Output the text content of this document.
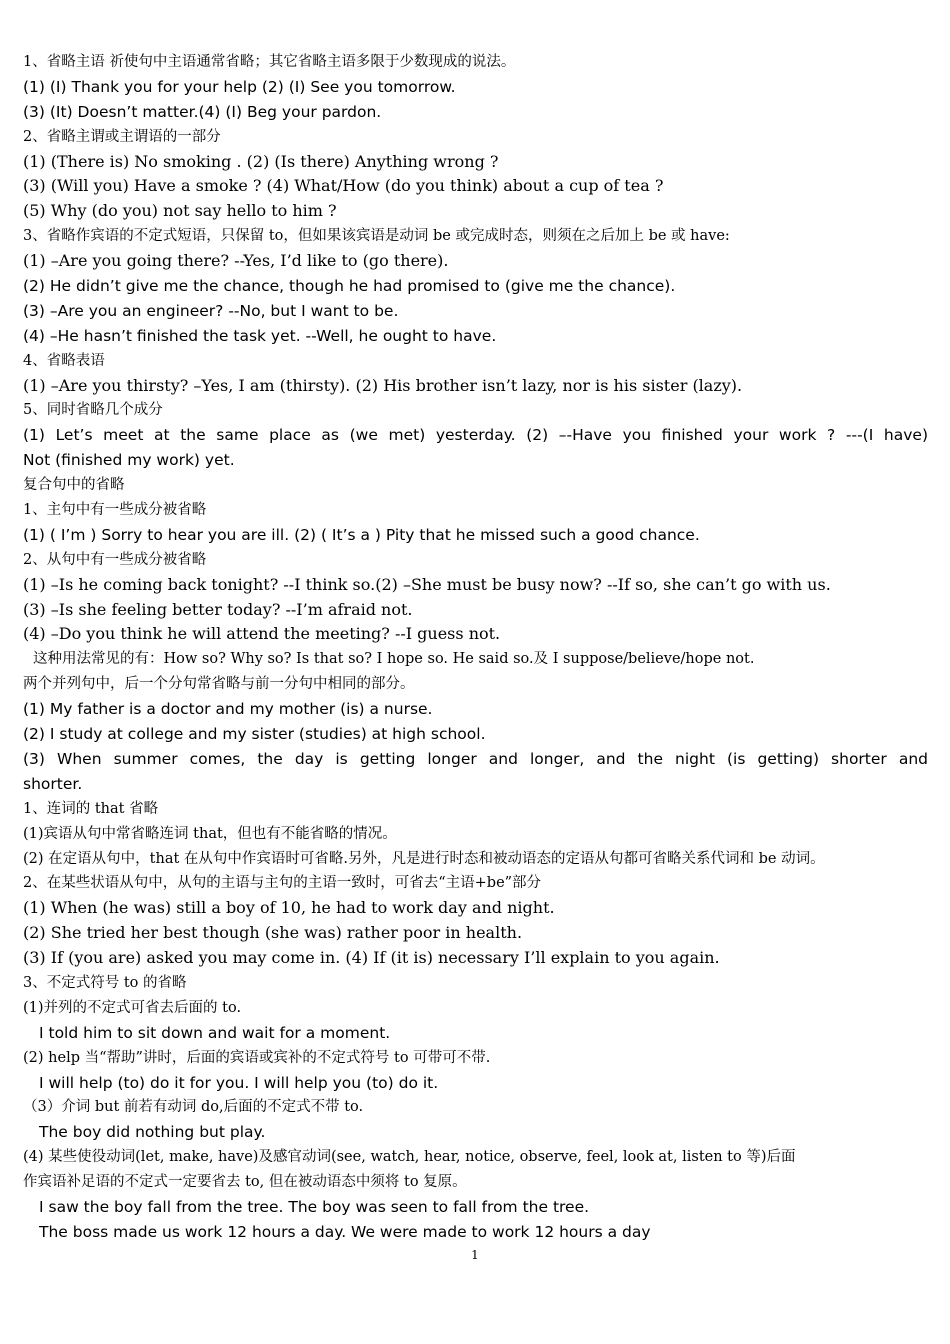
1、省略主语 祈使句中主语通常省略；其它省略主语多限于少数现成的说法。
(1) (I) Thank you for your help (2) (I) See you tomorrow.
(3) (It) Doesn’t matter.(4) (I) Beg your pardon.
2、省略主谓或主谓语的一部分
(1) (There is) No smoking . (2) (Is there) Anything wrong ?
(3) (Will you) Have a smoke ? (4) What/How (do you think) about a cup of tea ?
(5) Why (do you) not say hello to him ?
3、省略作宾语的不定式短语，只保留 to，但如果该宾语是动词 be 或完成时态，则须在之后加上 be 或 have:
(1) –Are you going there? --Yes, I’d like to (go there).
(2) He didn’t give me the chance, though he had promised to (give me the chance).
(3) –Are you an engineer? --No, but I want to be.
(4) –He hasn’t finished the task yet. --Well, he ought to have.
4、省略表语
(1) –Are you thirsty? –Yes, I am (thirsty). (2) His brother isn’t lazy, nor is his sister (lazy).
5、同时省略几个成分
(1) Let’s meet at the same place as (we met) yesterday. (2) –-Have you finished your work ? ---(I have)
Not (finished my work) yet.
复合句中的省略
1、主句中有一些成分被省略
(1) ( I’m ) Sorry to hear you are ill. (2) ( It’s a ) Pity that he missed such a good chance.
2、从句中有一些成分被省略
(1) –Is he coming back tonight? --I think so.(2) –She must be busy now? --If so, she can’t go with us.
(3) –Is she feeling better today? --I’m afraid not.
(4) –Do you think he will attend the meeting? --I guess not.
这种用法常见的有：How so? Why so? Is that so? I hope so. He said so.及 I suppose/believe/hope not.
两个并列句中，后一个分句常省略与前一分句中相同的部分。
(1) My father is a doctor and my mother (is) a nurse.
(2) I study at college and my sister (studies) at high school.
(3) When summer comes, the day is getting longer and longer, and the night (is getting) shorter and
shorter.
1、连词的 that 省略
(1)宾语从句中常省略连词 that，但也有不能省略的情况。
(2) 在定语从句中，that 在从句中作宾语时可省略.另外，凡是进行时态和被动语态的定语从句都可省略关系代词和 be 动词。
2、在某些状语从句中，从句的主语与主句的主语一致时，可省去“主语+be”部分
(1) When (he was) still a boy of 10, he had to work day and night.
(2) She tried her best though (she was) rather poor in health.
(3) If (you are) asked you may come in. (4) If (it is) necessary I’ll explain to you again.
3、不定式符号 to 的省略
(1)并列的不定式可省去后面的 to.
I told him to sit down and wait for a moment.
(2) help 当“帮助”讲时，后面的宾语或宾补的不定式符号 to 可带可不带.
I will help (to) do it for you. I will help you (to) do it.
（3）介词 but 前若有动词 do,后面的不定式不带 to.
The boy did nothing but play.
(4) 某些使役动词(let, make, have)及感官动词(see, watch, hear, notice, observe, feel, look at, listen to 等)后面
作宾语补足语的不定式一定要省去 to, 但在被动语态中须将 to 复原。
I saw the boy fall from the tree. The boy was seen to fall from the tree.
The boss made us work 12 hours a day. We were made to work 12 hours a day
1
